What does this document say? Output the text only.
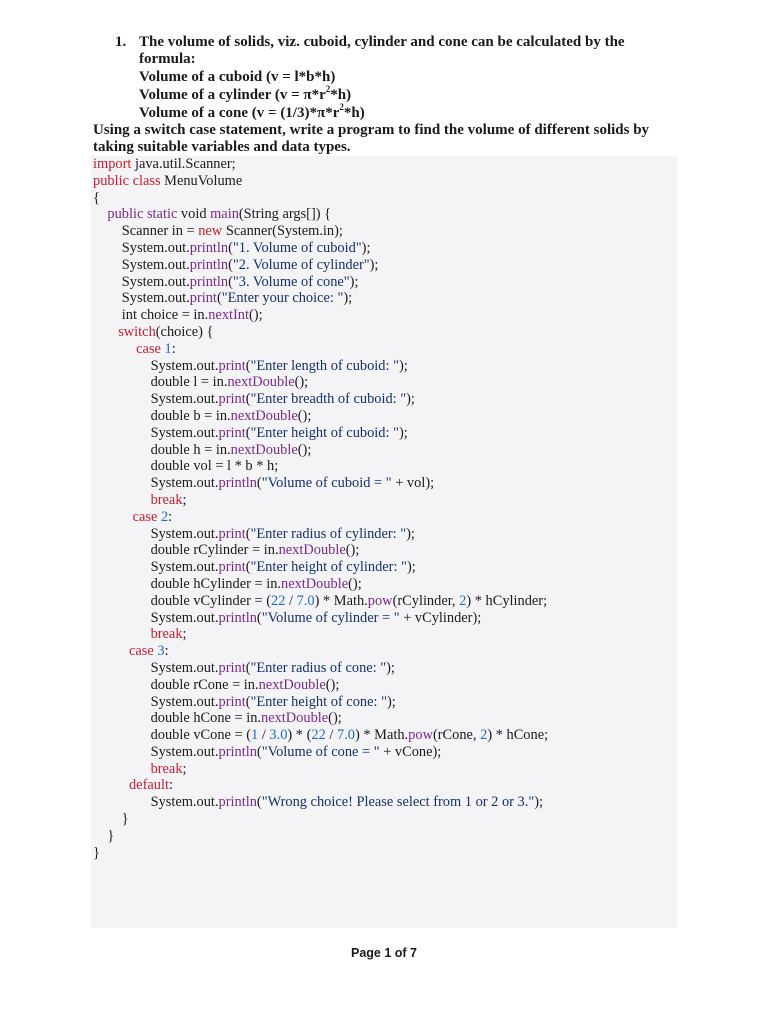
1. The volume of solids, viz. cuboid, cylinder and cone can be calculated by the formula:
Volume of a cuboid (v = l*b*h)
Volume of a cylinder $(v = \pi*r^2*h)$
Volume of a cone $(v = (1/3)*\pi*r^2*h)$
Using a switch case statement, write a program to find the volume of different solids by taking suitable variables and data types.
import java.util.Scanner;
public class MenuVolume
{
public static void main(String args[]) {
Scanner in = new Scanner(System.in);
System.out.println("1. Volume of cuboid");
System.out.println("2. Volume of cylinder");
System.out.println("3. Volume of cone");
System.out.print("Enter your choice: ");
int choice = in.nextInt();
switch(choice) {
case 1:
System.out.print("Enter length of cuboid: ");
double l = in.nextDouble();
System.out.print("Enter breadth of cuboid: ");
double b = in.nextDouble();
System.out.print("Enter height of cuboid: ");
double h = in.nextDouble();
double vol = l * b * h;
System.out.println("Volume of cuboid = " + vol);
break;
case 2:
System.out.print("Enter radius of cylinder: ");
double rCylinder = in.nextDouble();
System.out.print("Enter height of cylinder: ");
double hCylinder = in.nextDouble();
double vCylinder = (22 / 7.0) * Math.pow(rCylinder, 2) * hCylinder;
System.out.println("Volume of cylinder = " + vCylinder);
break;
case 3:
System.out.print("Enter radius of cone: ");
double rCone = in.nextDouble();
System.out.print("Enter height of cone: ");
double hCone = in.nextDouble();
double vCone = (1 / 3.0) * (22 / 7.0) * Math.pow(rCone, 2) * hCone;
System.out.println("Volume of cone = " + vCone);
break;
default:
System.out.println("Wrong choice! Please select from 1 or 2 or 3.");
}
}
}
Page 1 of 7
